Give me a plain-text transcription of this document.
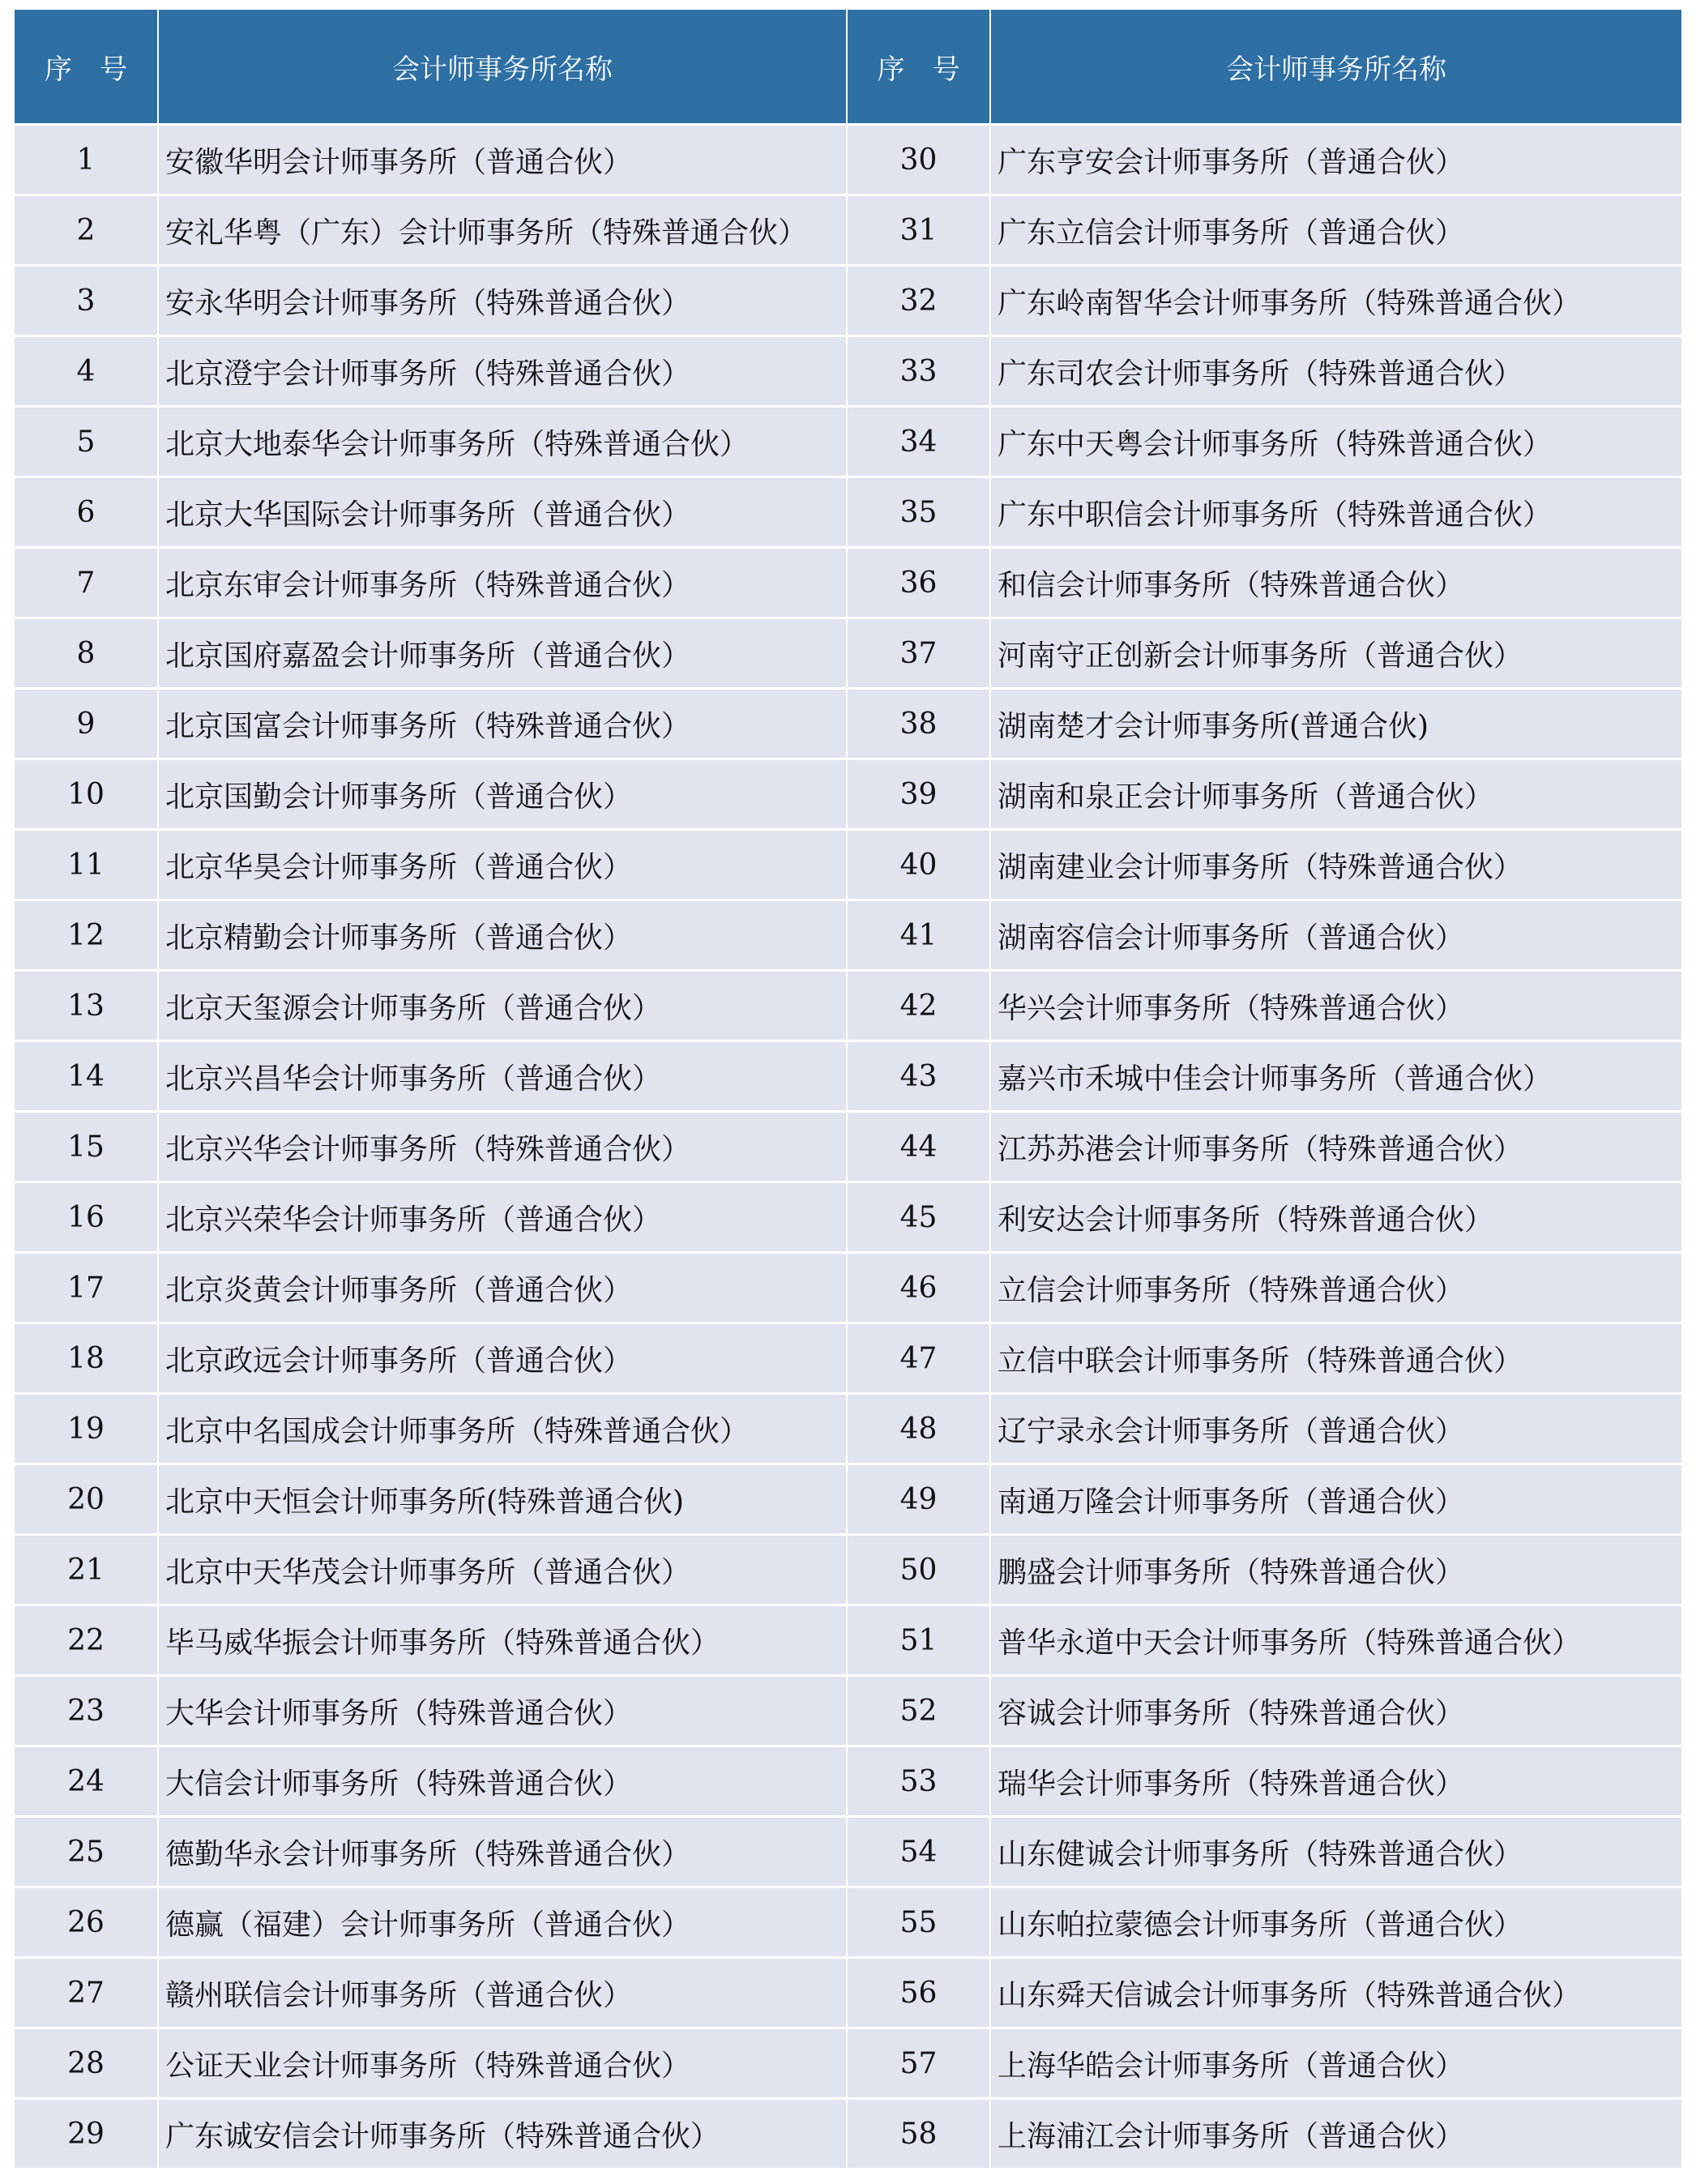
序　号	会计师事务所名称	序　号	会计师事务所名称
1	安徽华明会计师事务所（普通合伙）	30	广东亨安会计师事务所（普通合伙）
2	安礼华粤（广东）会计师事务所（特殊普通合伙）	31	广东立信会计师事务所（普通合伙）
3	安永华明会计师事务所（特殊普通合伙）	32	广东岭南智华会计师事务所（特殊普通合伙）
4	北京澄宇会计师事务所（特殊普通合伙）	33	广东司农会计师事务所（特殊普通合伙）
5	北京大地泰华会计师事务所（特殊普通合伙）	34	广东中天粤会计师事务所（特殊普通合伙）
6	北京大华国际会计师事务所（普通合伙）	35	广东中职信会计师事务所（特殊普通合伙）
7	北京东审会计师事务所（特殊普通合伙）	36	和信会计师事务所（特殊普通合伙）
8	北京国府嘉盈会计师事务所（普通合伙）	37	河南守正创新会计师事务所（普通合伙）
9	北京国富会计师事务所（特殊普通合伙）	38	湖南楚才会计师事务所(普通合伙)
10	北京国勤会计师事务所（普通合伙）	39	湖南和泉正会计师事务所（普通合伙）
11	北京华昊会计师事务所（普通合伙）	40	湖南建业会计师事务所（特殊普通合伙）
12	北京精勤会计师事务所（普通合伙）	41	湖南容信会计师事务所（普通合伙）
13	北京天玺源会计师事务所（普通合伙）	42	华兴会计师事务所（特殊普通合伙）
14	北京兴昌华会计师事务所（普通合伙）	43	嘉兴市禾城中佳会计师事务所（普通合伙）
15	北京兴华会计师事务所（特殊普通合伙）	44	江苏苏港会计师事务所（特殊普通合伙）
16	北京兴荣华会计师事务所（普通合伙）	45	利安达会计师事务所（特殊普通合伙）
17	北京炎黄会计师事务所（普通合伙）	46	立信会计师事务所（特殊普通合伙）
18	北京政远会计师事务所（普通合伙）	47	立信中联会计师事务所（特殊普通合伙）
19	北京中名国成会计师事务所（特殊普通合伙）	48	辽宁录永会计师事务所（普通合伙）
20	北京中天恒会计师事务所(特殊普通合伙)	49	南通万隆会计师事务所（普通合伙）
21	北京中天华茂会计师事务所（普通合伙）	50	鹏盛会计师事务所（特殊普通合伙）
22	毕马威华振会计师事务所（特殊普通合伙）	51	普华永道中天会计师事务所（特殊普通合伙）
23	大华会计师事务所（特殊普通合伙）	52	容诚会计师事务所（特殊普通合伙）
24	大信会计师事务所（特殊普通合伙）	53	瑞华会计师事务所（特殊普通合伙）
25	德勤华永会计师事务所（特殊普通合伙）	54	山东健诚会计师事务所（特殊普通合伙）
26	德赢（福建）会计师事务所（普通合伙）	55	山东帕拉蒙德会计师事务所（普通合伙）
27	赣州联信会计师事务所（普通合伙）	56	山东舜天信诚会计师事务所（特殊普通合伙）
28	公证天业会计师事务所（特殊普通合伙）	57	上海华皓会计师事务所（普通合伙）
29	广东诚安信会计师事务所（特殊普通合伙）	58	上海浦江会计师事务所（普通合伙）
